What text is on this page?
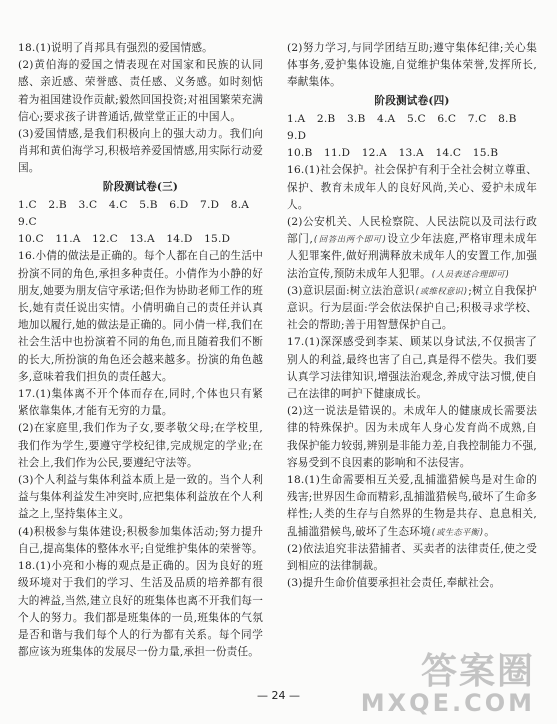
18.(1)说明了肖邦具有强烈的爱国情感。

(2)黄伯海的爱国之情表现在对国家和民族的认同感、亲近感、荣誉感、责任感、义务感。如时刻惦着为祖国建设作贡献;毅然回国投资;对祖国繁荣充满信心;要求孩子讲普通话,做堂堂正正的中国人。

(3)爱国情感,是我们积极向上的强大动力。我们向肖邦和黄伯海学习,积极培养爱国情感,用实际行动爱国。

阶段测试卷(三)

1.C 2.B 3.C 4.C 5.B 6.D 7.D 8.A 9.C

10.C 11.A 12.C 13.A 14.D 15.D

16.小倩的做法是正确的。每个人都在自己的生活中扮演不同的角色,承担多种责任。小倩作为小静的好朋友,她要为朋友信守承诺;但作为协助老师工作的班长,她有责任说出实情。小倩明确自己的责任并认真地加以履行,她的做法是正确的。同小倩一样,我们在社会生活中也扮演着不同的角色,而且随着我们不断的长大,所扮演的角色还会越来越多。扮演的角色越多,意味着我们担负的责任越大。

17.(1)集体离不开个体而存在,同时,个体也只有紧紧依靠集体,才能有无穷的力量。

(2)在家庭里,我们作为子女,要孝敬父母;在学校里,我们作为学生,要遵守学校纪律,完成规定的学业;在社会上,我们作为公民,要遵纪守法等。

(3)个人利益与集体利益本质上是一致的。当个人利益与集体利益发生冲突时,应把集体利益放在个人利益之上,坚持集体主义。

(4)积极参与集体建设;积极参加集体活动;努力提升自己,提高集体的整体水平;自觉维护集体的荣誉等。

18.(1)小亮和小梅的观点是正确的。因为良好的班级环境对于我们的学习、生活及品质的培养都有很大的裨益,当然,建立良好的班集体也离不开我们每一个人的努力。我们都是班集体的一员,班集体的气氛是否和谐与我们每个人的行为都有关系。每个同学都应该为班集体的发展尽一份力量,承担一份责任。

(2)努力学习,与同学团结互助;遵守集体纪律;关心集体事务,爱护集体设施,自觉维护集体荣誉,发挥所长,奉献集体。

阶段测试卷(四)

1.A 2.B 3.B 4.A 5.C 6.C 7.C 8.B 9.D

10.B 11.D 12.A 13.A 14.C 15.B

16.(1)社会保护。社会保护有利于全社会树立尊重、保护、教育未成年人的良好风尚,关心、爱护未成年人。

(2)公安机关、人民检察院、人民法院以及司法行政部门,(回答出两个即可)设立少年法庭,严格审理未成年人犯罪案件,做好刑满释放未成年人的安置工作,加强法治宣传,预防未成年人犯罪。(人员表述合理即可)

(3)意识层面:树立法治意识(或维权意识);树立自我保护意识。行为层面:学会依法保护自己;积极寻求学校、社会的帮助;善于用智慧保护自己。

17.(1)深深感受到李某、顾某以身试法,不仅损害了别人的利益,最终也害了自己,真是得不偿失。我们要认真学习法律知识,增强法治观念,养成守法习惯,使自己在法律的呵护下健康成长。

(2)这一说法是错误的。未成年人的健康成长需要法律的特殊保护。因为未成年人身心发育尚不成熟,自我保护能力较弱,辨别是非能力差,自我控制能力不强,容易受到不良因素的影响和不法侵害。

18.(1)生命需要相互关爱,乱捕滥猎候鸟是对生命的残害;世界因生命而精彩,乱捕滥猎候鸟,破坏了生命多样性;人类的生存与自然界的生物是共存、息息相关,乱捕滥猎候鸟,破坏了生态环境(或生态平衡)。

(2)依法追究非法猎捕者、买卖者的法律责任,使之受到相应的法律制裁。

(3)提升生命价值要承担社会责任,奉献社会。

— 24 —
答案圈
MXQE.COM
